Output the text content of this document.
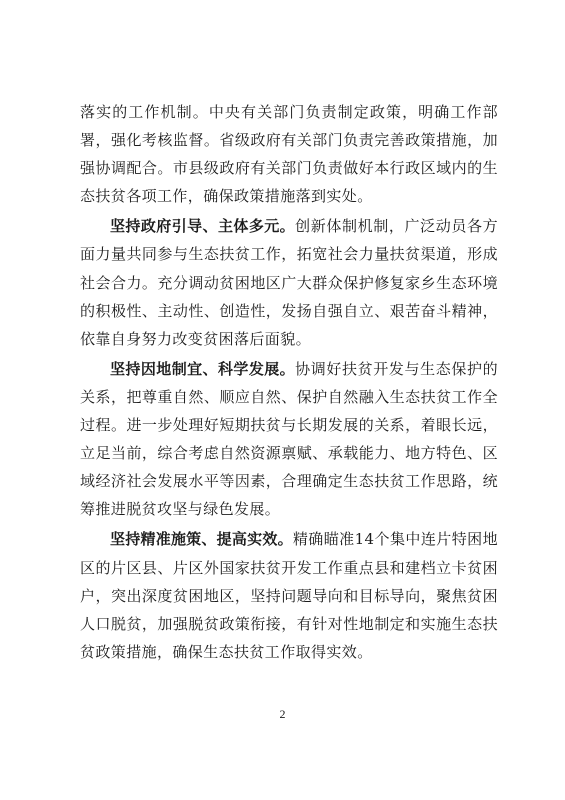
落实的工作机制。中央有关部门负责制定政策，明确工作部署，强化考核监督。省级政府有关部门负责完善政策措施，加强协调配合。市县级政府有关部门负责做好本行政区域内的生态扶贫各项工作，确保政策措施落到实处。

坚持政府引导、主体多元。创新体制机制，广泛动员各方面力量共同参与生态扶贫工作，拓宽社会力量扶贫渠道，形成社会合力。充分调动贫困地区广大群众保护修复家乡生态环境的积极性、主动性、创造性，发扬自强自立、艰苦奋斗精神，依靠自身努力改变贫困落后面貌。

坚持因地制宜、科学发展。协调好扶贫开发与生态保护的关系，把尊重自然、顺应自然、保护自然融入生态扶贫工作全过程。进一步处理好短期扶贫与长期发展的关系，着眼长远，立足当前，综合考虑自然资源禀赋、承载能力、地方特色、区域经济社会发展水平等因素，合理确定生态扶贫工作思路，统筹推进脱贫攻坚与绿色发展。

坚持精准施策、提高实效。精确瞄准14个集中连片特困地区的片区县、片区外国家扶贫开发工作重点县和建档立卡贫困户，突出深度贫困地区，坚持问题导向和目标导向，聚焦贫困人口脱贫，加强脱贫政策衔接，有针对性地制定和实施生态扶贫政策措施，确保生态扶贫工作取得实效。

2
